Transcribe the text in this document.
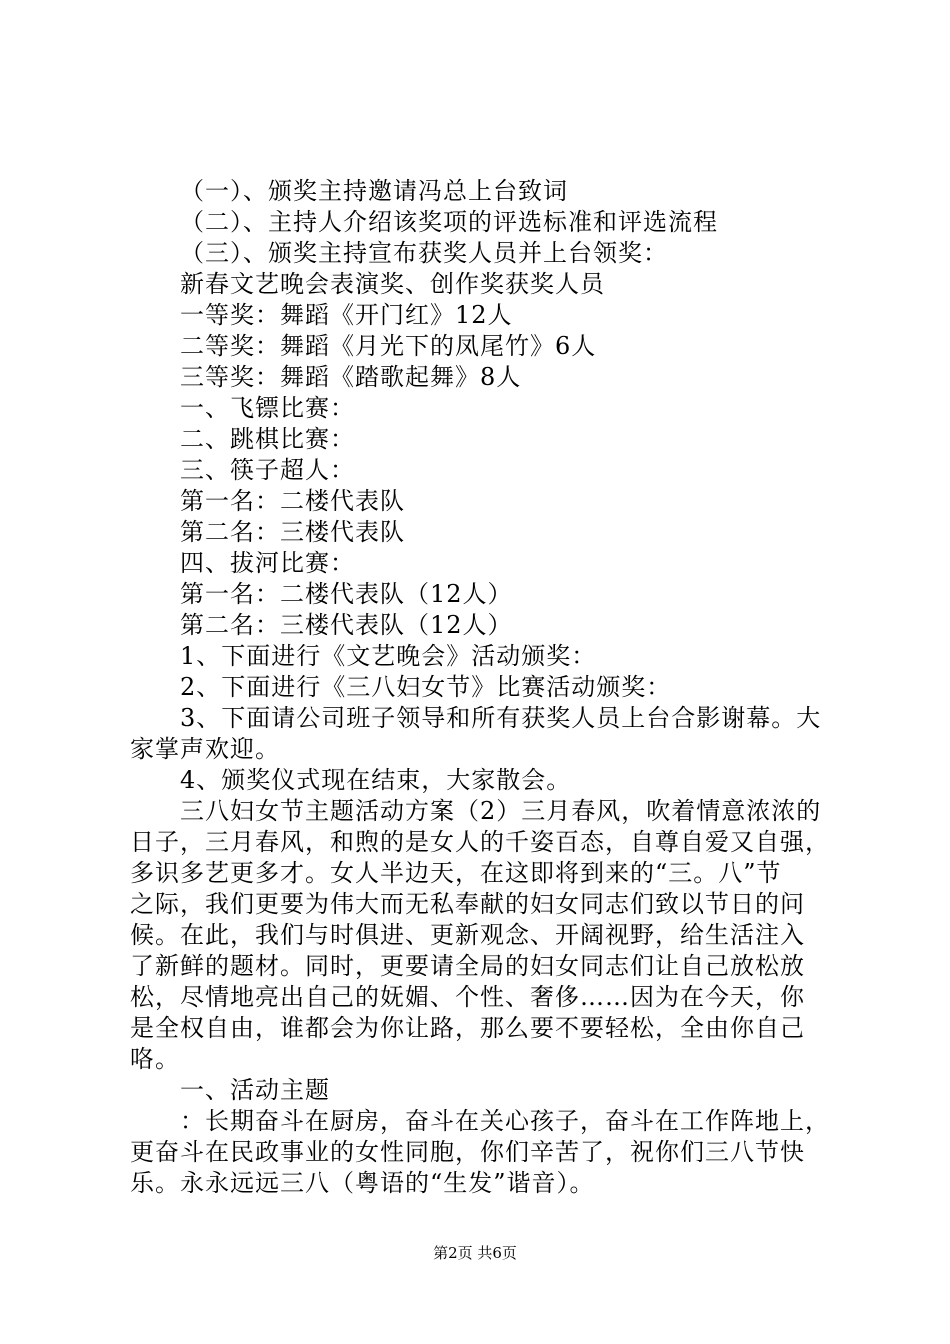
（一）、颁奖主持邀请冯总上台致词
（二）、主持人介绍该奖项的评选标准和评选流程
（三）、颁奖主持宣布获奖人员并上台领奖：
新春文艺晚会表演奖、创作奖获奖人员
一等奖：舞蹈《开门红》12人
二等奖：舞蹈《月光下的凤尾竹》6人
三等奖：舞蹈《踏歌起舞》8人
一、飞镖比赛：
二、跳棋比赛：
三、筷子超人：
第一名：二楼代表队
第二名：三楼代表队
四、拔河比赛：
第一名：二楼代表队（12人）
第二名：三楼代表队（12人）
1、下面进行《文艺晚会》活动颁奖：
2、下面进行《三八妇女节》比赛活动颁奖：
3、下面请公司班子领导和所有获奖人员上台合影谢幕。大
家掌声欢迎。
4、颁奖仪式现在结束，大家散会。
三八妇女节主题活动方案（2）三月春风，吹着情意浓浓的
日子，三月春风，和煦的是女人的千姿百态，自尊自爱又自强，
多识多艺更多才。女人半边天，在这即将到来的“三。八”节
之际，我们更要为伟大而无私奉献的妇女同志们致以节日的问
候。在此，我们与时俱进、更新观念、开阔视野，给生活注入
了新鲜的题材。同时，更要请全局的妇女同志们让自己放松放
松，尽情地亮出自己的妩媚、个性、奢侈……因为在今天，你
是全权自由，谁都会为你让路，那么要不要轻松，全由你自己
咯。
一、活动主题
：长期奋斗在厨房，奋斗在关心孩子，奋斗在工作阵地上，
更奋斗在民政事业的女性同胞，你们辛苦了，祝你们三八节快
乐。永永远远三八（粤语的“生发”谐音）。
第2页 共6页
